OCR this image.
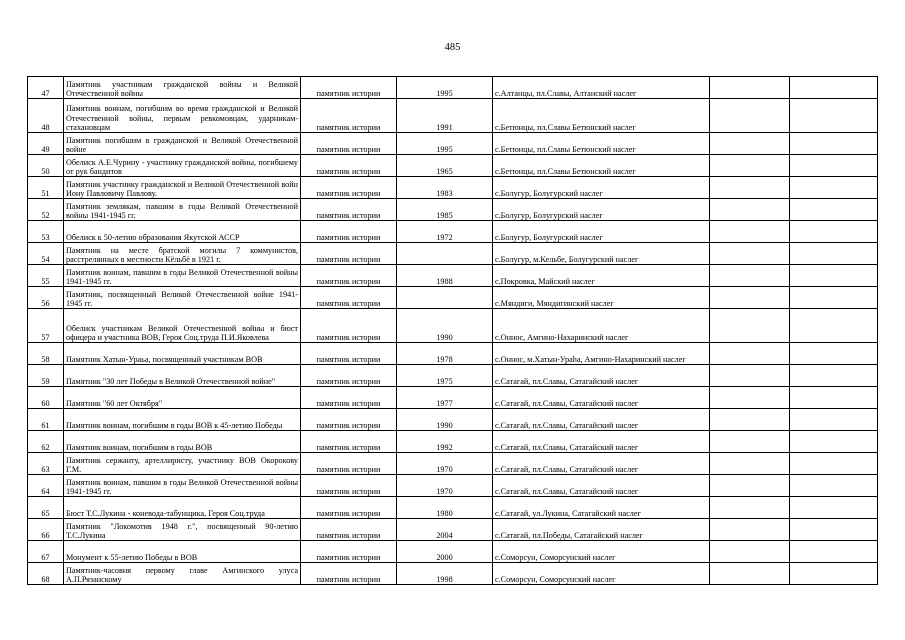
485
47	Памятник участникам гражданской войны и Великой Отечественной войны	памятник истории	1995	с.Алтанцы, пл.Славы, Алтанский наслег		
48	Памятник воинам, погибшим во время гражданской и Великой Отечественной войны, первым ревкомовцам, ударникам-стахановцам	памятник истории	1991	с.Бетюнцы, пл.Славы Бетюнский наслег		
49	Памятник погибшим в гражданской и Великой Отечественной войне	памятник истории	1995	с.Бетюнцы, пл.Славы Бетюнский наслег		
50	Обелиск А.Е.Чурину - участнику гражданской войны, погибшему от рук бандитов	памятник истории	1965	с.Бетюнцы, пл.Славы Бетюнский наслег		
51	Памятник участнику гражданской и Великой Отечественной войн Иону Павловичу Павлову.	памятник истории	1983	с.Болугур, Болугурский наслег		
52	Памятник землякам, павшим в годы Великой Отечественной войны 1941-1945 гг.	памятник истории	1985	с.Болугур, Болугурский наслег		
53	Обелиск к 50-летию образования Якутской АССР	памятник истории	1972	с.Болугур, Болугурский наслег		
54	Памятник на месте братской могилы 7 коммунистов, расстрелянных в местности Кёльбё в 1921 г.	памятник истории		с.Болугур, м.Кельбе, Болугурский наслег		
55	Памятник воинам, павшим в годы Великой Отечественной войны 1941-1945 гг.	памятник истории	1988	с.Покровка, Майский наслег		
56	Памятник, посвященный Великой Отечественной войне 1941-1945 гг.	памятник истории		с.Мяндиги, Мяндигинский наслег		
57	Обелиск участникам Великой Отечественной войны и бюст офицера и участника ВОВ, Героя Соц.труда П.И.Яковлева	памятник истории	1990	с.Онноc, Амгино-Нахаринский наслег		
58	Памятник Хатын-Ураьа, посвященный участникам ВОВ	памятник истории	1978	с.Онноc, м.Хатын-Ураhа, Амгино-Нахаринский наслег		
59	Памятник "30 лет Победы в Великой Отечественной войне"	памятник истории	1975	с.Сатагай, пл.Славы, Сатагайский наслег		
60	Памятник "60 лет Октября"	памятник истории	1977	с.Сатагай, пл.Славы, Сатагайский наслег		
61	Памятник воинам, погибшим в годы ВОВ к 45-летию Победы	памятник истории	1990	с.Сатагай, пл.Славы, Сатагайский наслег		
62	Памятник воинам, погибшим в годы ВОВ	памятник истории	1992	с.Сатагай, пл.Славы, Сатагайский наслег		
63	Памятник сержанту, артеллиристу, участнику ВОВ Окорокову Г.М.	памятник истории	1970	с.Сатагай, пл.Славы, Сатагайский наслег		
64	Памятник воинам, павшим в годы Великой Отечественной войны 1941-1945 гг.	памятник истории	1970	с.Сатагай, пл.Славы, Сатагайский наслег		
65	Бюст Т.С.Лукина - коневода-табунщика, Героя Соц.труда	памятник истории	1980	с.Сатагай, ул.Лукина, Сатагайский наслег		
66	Памятник "Локомотив 1948 г.", посвященный 90-летию Т.С.Лукина	памятник истории	2004	с.Сатагай, пл.Победы, Сатагайский наслег		
67	Монумент к 55-летию Победы в ВОВ	памятник истории	2000	с.Соморсун, Соморсунский наслег		
68	Памятник-часовня первому главе Амгинского улуса А.П.Рязанскому	памятник истории	1998	с.Соморсун, Соморсунский наслег		
